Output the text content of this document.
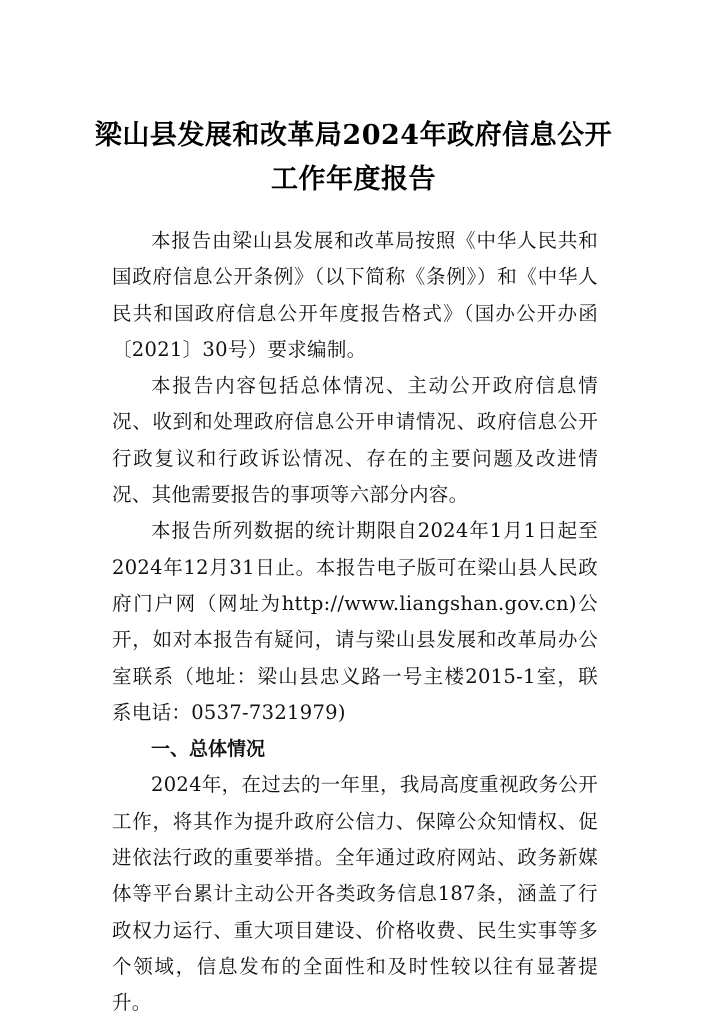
梁山县发展和改革局2024年政府信息公开
工作年度报告

本报告由梁山县发展和改革局按照《中华人民共和国政府信息公开条例》（以下简称《条例》）和《中华人民共和国政府信息公开年度报告格式》（国办公开办函〔2021〕30号）要求编制。

本报告内容包括总体情况、主动公开政府信息情况、收到和处理政府信息公开申请情况、政府信息公开行政复议和行政诉讼情况、存在的主要问题及改进情况、其他需要报告的事项等六部分内容。

本报告所列数据的统计期限自2024年1月1日起至2024年12月31日止。本报告电子版可在梁山县人民政府门户网（网址为http://www.liangshan.gov.cn)公开，如对本报告有疑问，请与梁山县发展和改革局办公室联系（地址：梁山县忠义路一号主楼2015-1室，联系电话：0537-7321979)

一、总体情况

2024年，在过去的一年里，我局高度重视政务公开工作，将其作为提升政府公信力、保障公众知情权、促进依法行政的重要举措。全年通过政府网站、政务新媒体等平台累计主动公开各类政务信息187条，涵盖了行政权力运行、重大项目建设、价格收费、民生实事等多个领域，信息发布的全面性和及时性较以往有显著提升。
